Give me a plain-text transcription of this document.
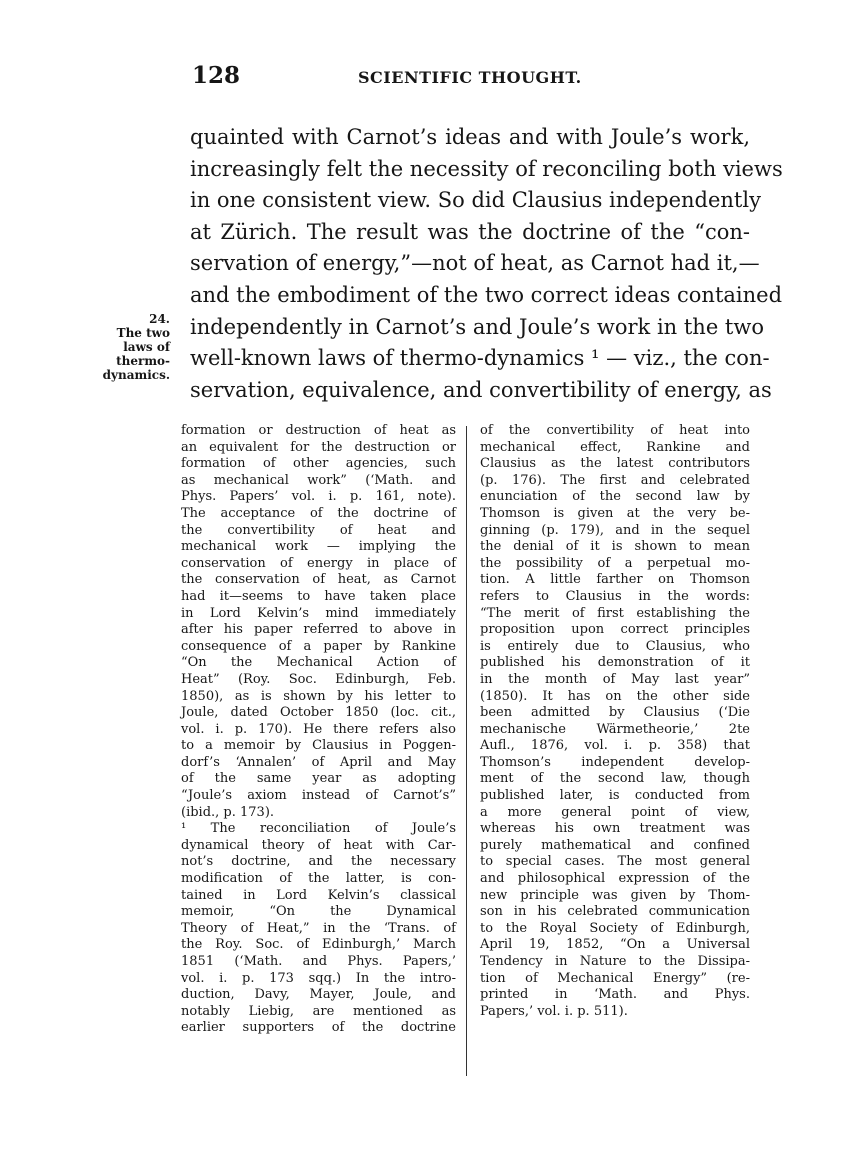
128	SCIENTIFIC THOUGHT.
24.
The two
laws of
thermo-
dynamics.
quainted with Carnot’s ideas and with Joule’s work,
increasingly felt the necessity of reconciling both views
in one consistent view. So did Clausius independently
at Zürich. The result was the doctrine of the “con-
servation of energy,”—not of heat, as Carnot had it,—
and the embodiment of the two correct ideas contained
independently in Carnot’s and Joule’s work in the two
well-known laws of thermo-dynamics ¹ — viz., the con-
servation, equivalence, and convertibility of energy, as
formation or destruction of heat as
an equivalent for the destruction or
formation of other agencies, such
as mechanical work” (‘Math. and
Phys. Papers’ vol. i. p. 161, note).
The acceptance of the doctrine of
the convertibility of heat and
mechanical work — implying the
conservation of energy in place of
the conservation of heat, as Carnot
had it—seems to have taken place
in Lord Kelvin’s mind immediately
after his paper referred to above in
consequence of a paper by Rankine
“On the Mechanical Action of
Heat” (Roy. Soc. Edinburgh, Feb.
1850), as is shown by his letter to
Joule, dated October 1850 (loc. cit.,
vol. i. p. 170). He there refers also
to a memoir by Clausius in Poggen-
dorf’s ‘Annalen’ of April and May
of the same year as adopting
“Joule’s axiom instead of Carnot’s”
(ibid., p. 173).
¹ The reconciliation of Joule’s
dynamical theory of heat with Car-
not’s doctrine, and the necessary
modification of the latter, is con-
tained in Lord Kelvin’s classical
memoir, “On the Dynamical
Theory of Heat,” in the ‘Trans. of
the Roy. Soc. of Edinburgh,’ March
1851 (‘Math. and Phys. Papers,’
vol. i. p. 173 sqq.) In the intro-
duction, Davy, Mayer, Joule, and
notably Liebig, are mentioned as
earlier supporters of the doctrine
of the convertibility of heat into
mechanical effect, Rankine and
Clausius as the latest contributors
(p. 176). The first and celebrated
enunciation of the second law by
Thomson is given at the very be-
ginning (p. 179), and in the sequel
the denial of it is shown to mean
the possibility of a perpetual mo-
tion. A little farther on Thomson
refers to Clausius in the words:
“The merit of first establishing the
proposition upon correct principles
is entirely due to Clausius, who
published his demonstration of it
in the month of May last year”
(1850). It has on the other side
been admitted by Clausius (‘Die
mechanische Wärmetheorie,’ 2te
Aufl., 1876, vol. i. p. 358) that
Thomson’s independent develop-
ment of the second law, though
published later, is conducted from
a more general point of view,
whereas his own treatment was
purely mathematical and confined
to special cases. The most general
and philosophical expression of the
new principle was given by Thom-
son in his celebrated communication
to the Royal Society of Edinburgh,
April 19, 1852, “On a Universal
Tendency in Nature to the Dissipa-
tion of Mechanical Energy” (re-
printed in ‘Math. and Phys.
Papers,’ vol. i. p. 511).
